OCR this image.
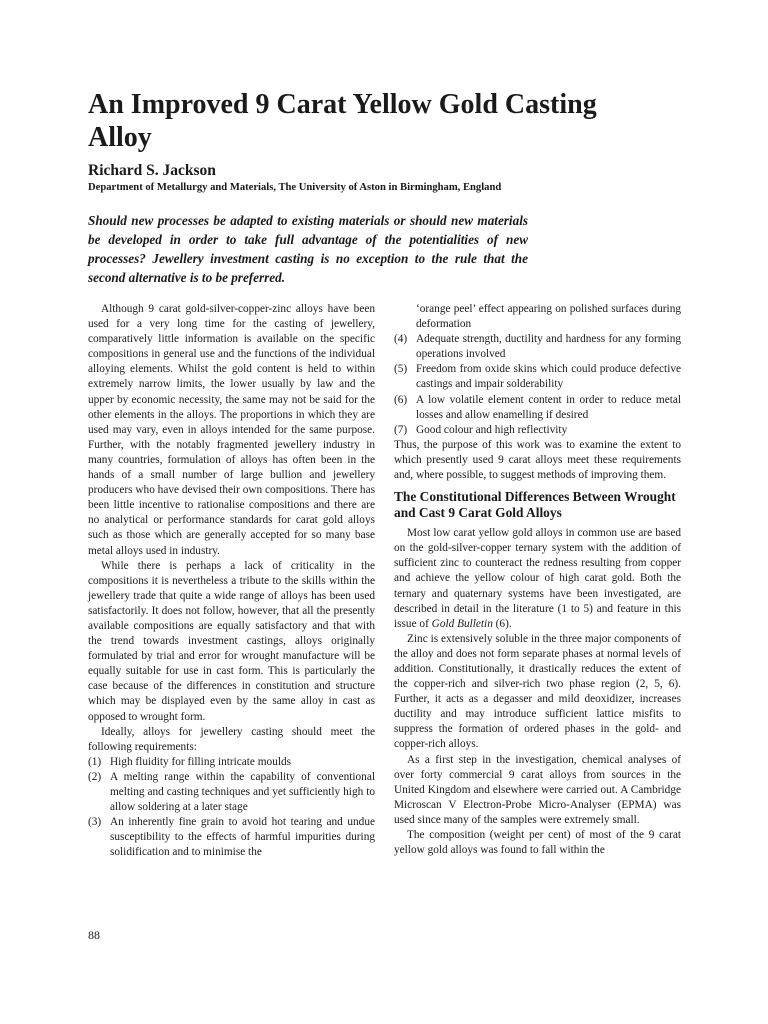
An Improved 9 Carat Yellow Gold Casting Alloy
Richard S. Jackson
Department of Metallurgy and Materials, The University of Aston in Birmingham, England

Should new processes be adapted to existing materials or should new materials be developed in order to take full advantage of the potentialities of new processes? Jewellery investment casting is no exception to the rule that the second alternative is to be preferred.

Although 9 carat gold-silver-copper-zinc alloys have been used for a very long time for the casting of jewellery, comparatively little information is available on the specific compositions in general use and the functions of the individual alloying elements. Whilst the gold content is held to within extremely narrow limits, the lower usually by law and the upper by economic necessity, the same may not be said for the other elements in the alloys. The proportions in which they are used may vary, even in alloys intended for the same purpose. Further, with the notably fragmented jewellery industry in many countries, formulation of alloys has often been in the hands of a small number of large bullion and jewellery producers who have devised their own compositions. There has been little incentive to rationalise compositions and there are no analytical or performance standards for carat gold alloys such as those which are generally accepted for so many base metal alloys used in industry.

While there is perhaps a lack of criticality in the compositions it is nevertheless a tribute to the skills within the jewellery trade that quite a wide range of alloys has been used satisfactorily. It does not follow, however, that all the presently available compositions are equally satisfactory and that with the trend towards investment castings, alloys originally formulated by trial and error for wrought manufacture will be equally suitable for use in cast form. This is particularly the case because of the differences in constitution and structure which may be displayed even by the same alloy in cast as opposed to wrought form.

Ideally, alloys for jewellery casting should meet the following requirements:

(1) High fluidity for filling intricate moulds
(2) A melting range within the capability of conventional melting and casting techniques and yet sufficiently high to allow soldering at a later stage
(3) An inherently fine grain to avoid hot tearing and undue susceptibility to the effects of harmful impurities during solidification and to minimise the
‘orange peel’ effect appearing on polished surfaces during deformation
(4) Adequate strength, ductility and hardness for any forming operations involved
(5) Freedom from oxide skins which could produce defective castings and impair solderability
(6) A low volatile element content in order to reduce metal losses and allow enamelling if desired
(7) Good colour and high reflectivity

Thus, the purpose of this work was to examine the extent to which presently used 9 carat alloys meet these requirements and, where possible, to suggest methods of improving them.

The Constitutional Differences Between Wrought and Cast 9 Carat Gold Alloys

Most low carat yellow gold alloys in common use are based on the gold-silver-copper ternary system with the addition of sufficient zinc to counteract the redness resulting from copper and achieve the yellow colour of high carat gold. Both the ternary and quaternary systems have been investigated, are described in detail in the literature (1 to 5) and feature in this issue of Gold Bulletin (6).

Zinc is extensively soluble in the three major components of the alloy and does not form separate phases at normal levels of addition. Constitutionally, it drastically reduces the extent of the copper-rich and silver-rich two phase region (2, 5, 6). Further, it acts as a degasser and mild deoxidizer, increases ductility and may introduce sufficient lattice misfits to suppress the formation of ordered phases in the gold- and copper-rich alloys.

As a first step in the investigation, chemical analyses of over forty commercial 9 carat alloys from sources in the United Kingdom and elsewhere were carried out. A Cambridge Microscan V Electron-Probe Micro-Analyser (EPMA) was used since many of the samples were extremely small.

The composition (weight per cent) of most of the 9 carat yellow gold alloys was found to fall within the

88
